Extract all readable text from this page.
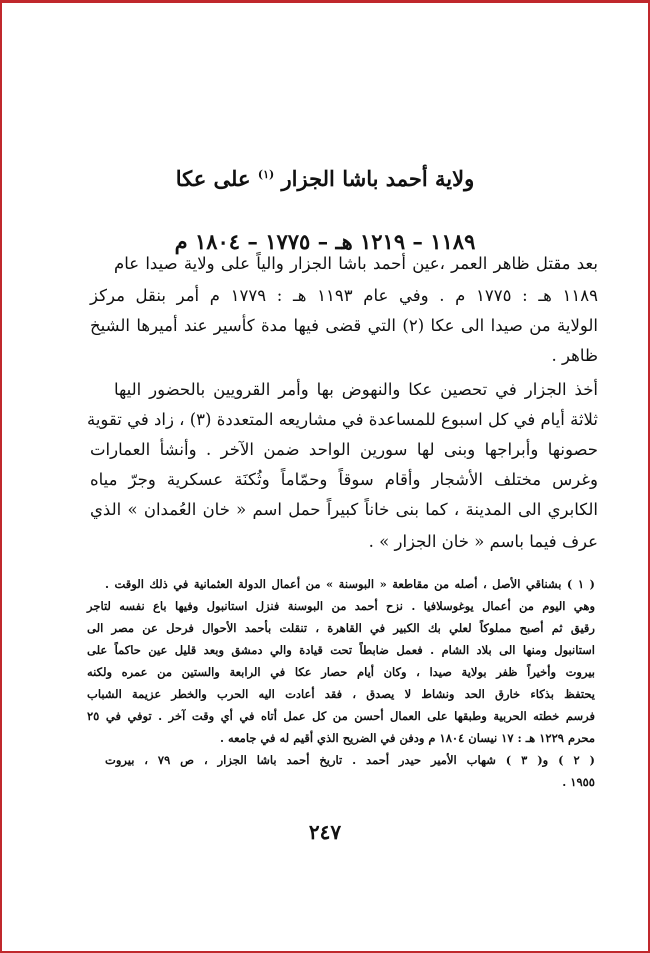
ولاية أحمد باشا الجزار $^{(١)}$ على عكا
١١٨٩ – ١٢١٩ هـ – ١٧٧٥ – ١٨٠٤ م
بعد مقتل ظاهر العمر ،عين أحمد باشا الجزار والياً على ولاية صيدا عام
١١٨٩ هـ : ١٧٧٥ م . وفي عام ١١٩٣ هـ : ١٧٧٩ م أمر بنقل مركز
الولاية من صيدا الى عكا (٢) التي قضى فيها مدة كأسير عند أميرها الشيخ
ظاهر .
أخذ الجزار في تحصين عكا والنهوض بها وأمر القرويين بالحضور اليها
ثلاثة أيام في كل اسبوع للمساعدة في مشاريعه المتعددة (٣) ، زاد في تقوية
حصونها وأبراجها وبنى لها سورين الواحد ضمن الآخر . وأنشأ العمارات
وغرس مختلف الأشجار وأقام سوقاً وحمّاماً وثُكنَة عسكرية وجرّ مياه
الكابري الى المدينة ، كما بنى خاناً كبيراً حمل اسم « خان العُمدان » الذي
عرف فيما باسم « خان الجزار » .
( ١ ) بشناقي الأصل ، أصله من مقاطعة « البوسنة » من أعمال الدولة العثمانية في ذلك الوقت .
وهي اليوم من أعمال يوغوسلافيا . نزح أحمد من البوسنة فنزل استانبول وفيها باع نفسه لتاجر
رقيق ثم أصبح مملوكاً لعلي بك الكبير في القاهرة ، تنقلت بأحمد الأحوال فرحل عن مصر الى
استانبول ومنها الى بلاد الشام . فعمل ضابطاً تحت قيادة والي دمشق وبعد قليل عين حاكماً على
بيروت وأخيراً ظفر بولاية صيدا ، وكان أيام حصار عكا في الرابعة والستين من عمره ولكنه
يحتفظ بذكاء خارق الحد ونشاط لا يصدق ، فقد أعادت اليه الحرب والخطر عزيمة الشباب
فرسم خطته الحربية وطبقها على العمال أحسن من كل عمل أتاه في أي وقت آخر . توفي في ٢٥
محرم ١٢٢٩ هـ : ١٧ نيسان ١٨٠٤ م ودفن في الضريح الذي أقيم له في جامعه .
( ٢ ) و( ٣ ) شهاب الأمير حيدر أحمد . تاريخ أحمد باشا الجزار ، ص ٧٩ ، بيروت
١٩٥٥ .
٢٤٧
